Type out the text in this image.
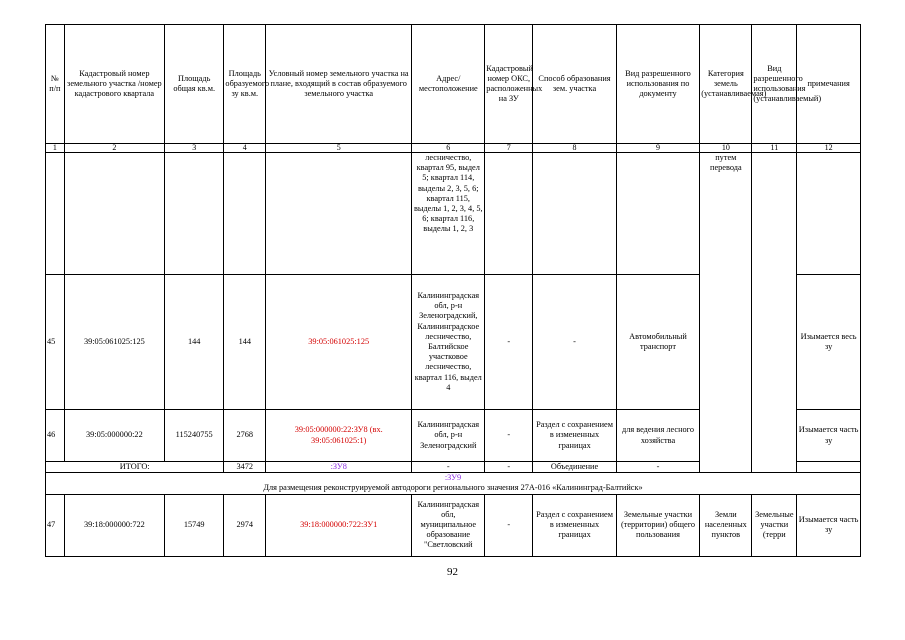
№ п/п	Кадастровый номер земельного участка /номер кадастрового квартала	Площадь общая кв.м.	Площадь образуемого зу кв.м.	Условный номер земельного участка на плане, входящий в состав образуемого земельного участка	Адрес/ местоположение	Кадастровый номер ОКС, расположенных на ЗУ	Способ образования зем. участка	Вид разрешенного использования по документу	Категория земель (устанавливаемая)	Вид разрешенного использования (устанавливаемый)	примечания
1	2	3	4	5	6	7	8	9	10	11	12
					лесничество, квартал 95, выдел 5; квартал 114, выделы 2, 3, 5, 6; квартал 115, выделы 1, 2, 3, 4, 5, 6; квартал 116, выделы 1, 2, 3				путем перевода		
45	39:05:061025:125	144	144	39:05:061025:125	Калининградская обл, р-н Зеленоградский, Калининградское лесничество, Балтийское участковое лесничество, квартал 116, выдел 4	-	-	Автомобильный транспорт			Изымается весь зу
46	39:05:000000:22	115240755	2768	39:05:000000:22:ЗУ8 (вх. 39:05:061025:1)	Калининградская обл, р-н Зеленоградский	-	Раздел с сохранением в измененных границах	для ведения лесного хозяйства			Изымается часть зу
ИТОГО:			3472	:ЗУ8	-	-	Объединение	-			

:ЗУ9
Для размещения реконструируемой автодороги регионального значения 27А-016 «Калининград-Балтийск»											

47	39:18:000000:722	15749	2974	39:18:000000:722:ЗУ1	Калининградская обл, муниципальное образование "Светловский	-	Раздел с сохранением в измененных границах	Земельные участки (территории) общего пользования	Земли населенных пунктов	Земельные участки (терри	Изымается часть зу
92
